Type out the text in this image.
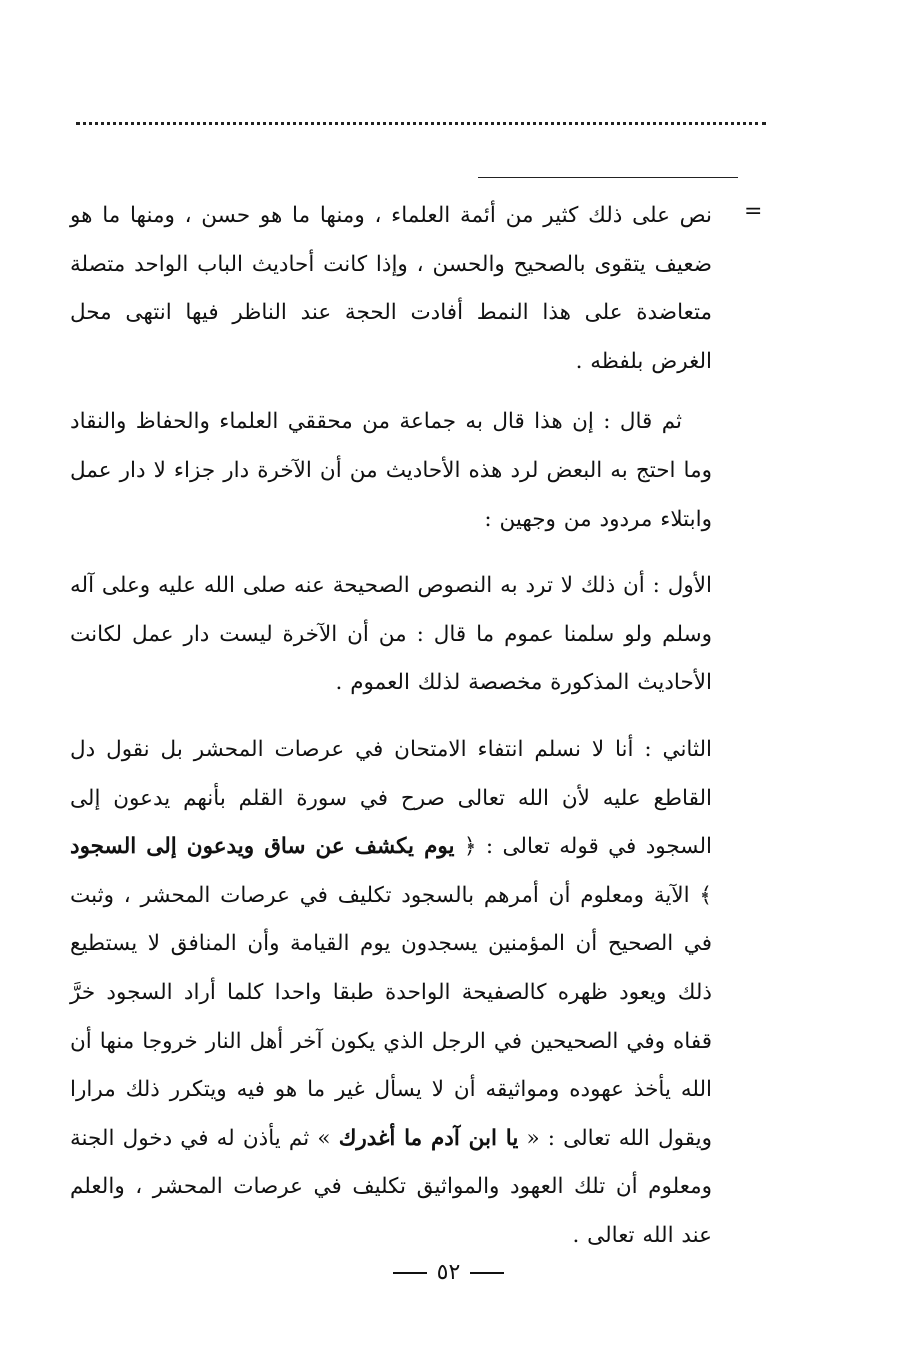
=

نص على ذلك كثير من أئمة العلماء ، ومنها ما هو حسن ، ومنها ما هو ضعيف يتقوى بالصحيح والحسن ، وإذا كانت أحاديث الباب الواحد متصلة متعاضدة على هذا النمط أفادت الحجة عند الناظر فيها انتهى محل الغرض بلفظه .

ثم قال : إن هذا قال به جماعة من محققي العلماء والحفاظ والنقاد وما احتج به البعض لرد هذه الأحاديث من أن الآخرة دار جزاء لا دار عمل وابتلاء مردود من وجهين :

الأول : أن ذلك لا ترد به النصوص الصحيحة عنه صلى الله عليه وعلى آله وسلم ولو سلمنا عموم ما قال : من أن الآخرة ليست دار عمل لكانت الأحاديث المذكورة مخصصة لذلك العموم .

الثاني : أنا لا نسلم انتفاء الامتحان في عرصات المحشر بل نقول دل القاطع عليه لأن الله تعالى صرح في سورة القلم بأنهم يدعون إلى السجود في قوله تعالى : ﴿ يوم يكشف عن ساق ويدعون إلى السجود ﴾ الآية ومعلوم أن أمرهم بالسجود تكليف في عرصات المحشر ، وثبت في الصحيح أن المؤمنين يسجدون يوم القيامة وأن المنافق لا يستطيع ذلك ويعود ظهره كالصفيحة الواحدة طبقا واحدا كلما أراد السجود خرَّ قفاه وفي الصحيحين في الرجل الذي يكون آخر أهل النار خروجا منها أن الله يأخذ عهوده ومواثيقه أن لا يسأل غير ما هو فيه ويتكرر ذلك مرارا ويقول الله تعالى : « يا ابن آدم ما أغدرك » ثم يأذن له في دخول الجنة ومعلوم أن تلك العهود والمواثيق تكليف في عرصات المحشر ، والعلم عند الله تعالى .

٥٢
